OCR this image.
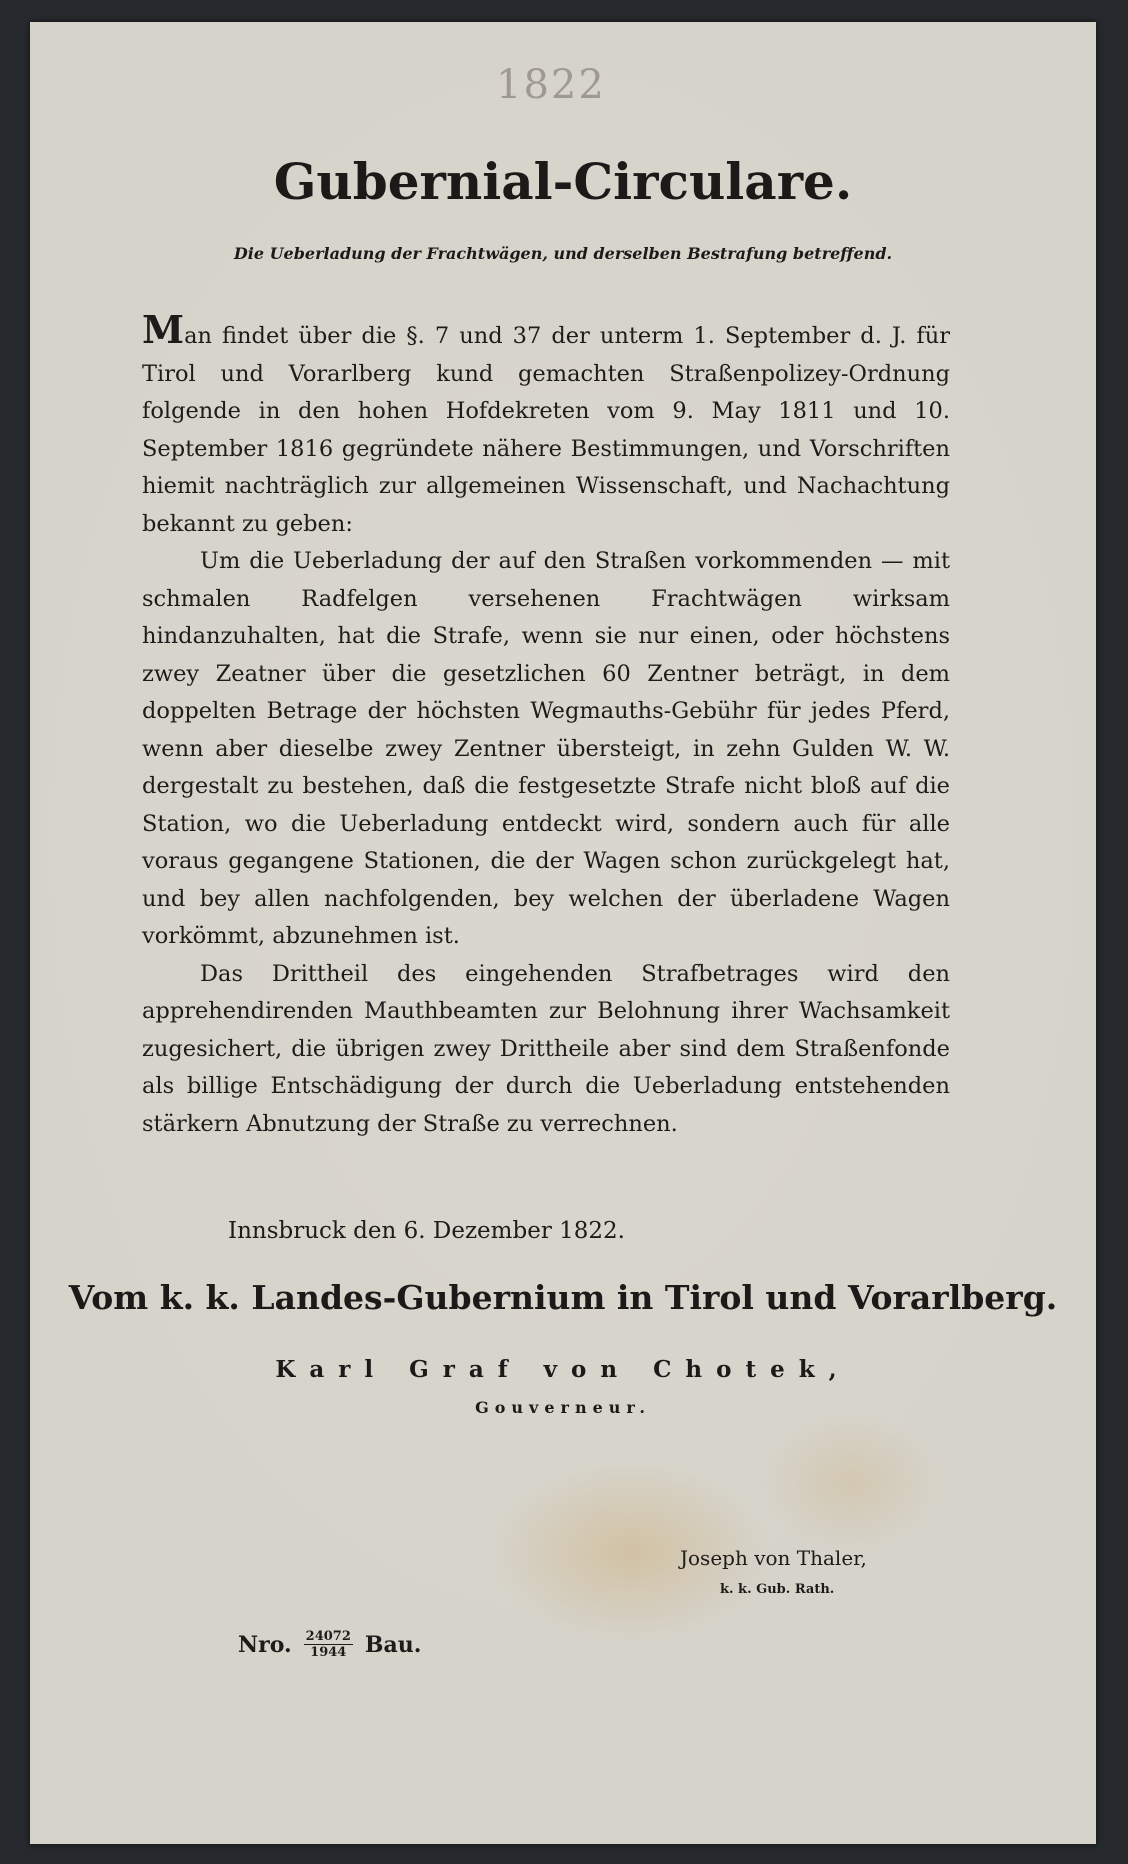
1822
Gubernial-Circulare.
Die Ueberladung der Frachtwägen, und derselben Bestrafung betreffend.

Man findet über die §. 7 und 37 der unterm 1. September d. J. für Tirol und Vorarlberg kund gemachten Straßenpolizey-Ordnung folgende in den hohen Hofdekreten vom 9. May 1811 und 10. September 1816 gegründete nähere Bestimmungen, und Vorschriften hiemit nachträglich zur allgemeinen Wissenschaft, und Nachachtung bekannt zu geben:

Um die Ueberladung der auf den Straßen vorkommenden — mit schmalen Radfelgen versehenen Frachtwägen wirksam hindanzuhalten, hat die Strafe, wenn sie nur einen, oder höchstens zwey Zeatner über die gesetzlichen 60 Zentner beträgt, in dem doppelten Betrage der höchsten Wegmauths-Gebühr für jedes Pferd, wenn aber dieselbe zwey Zentner übersteigt, in zehn Gulden W. W. dergestalt zu bestehen, daß die festgesetzte Strafe nicht bloß auf die Station, wo die Ueberladung entdeckt wird, sondern auch für alle voraus gegangene Stationen, die der Wagen schon zurückgelegt hat, und bey allen nachfolgenden, bey welchen der überladene Wagen vorkömmt, abzunehmen ist.

Das Drittheil des eingehenden Strafbetrages wird den apprehendirenden Mauthbeamten zur Belohnung ihrer Wachsamkeit zugesichert, die übrigen zwey Drittheile aber sind dem Straßenfonde als billige Entschädigung der durch die Ueberladung entstehenden stärkern Abnutzung der Straße zu verrechnen.

Innsbruck den 6. Dezember 1822.
Vom k. k. Landes-Gubernium in Tirol und Vorarlberg.
Karl Graf von Chotek,
Gouverneur.
Joseph von Thaler,
k. k. Gub. Rath.
Nro. $\frac{24072}{1944}$ Bau.
